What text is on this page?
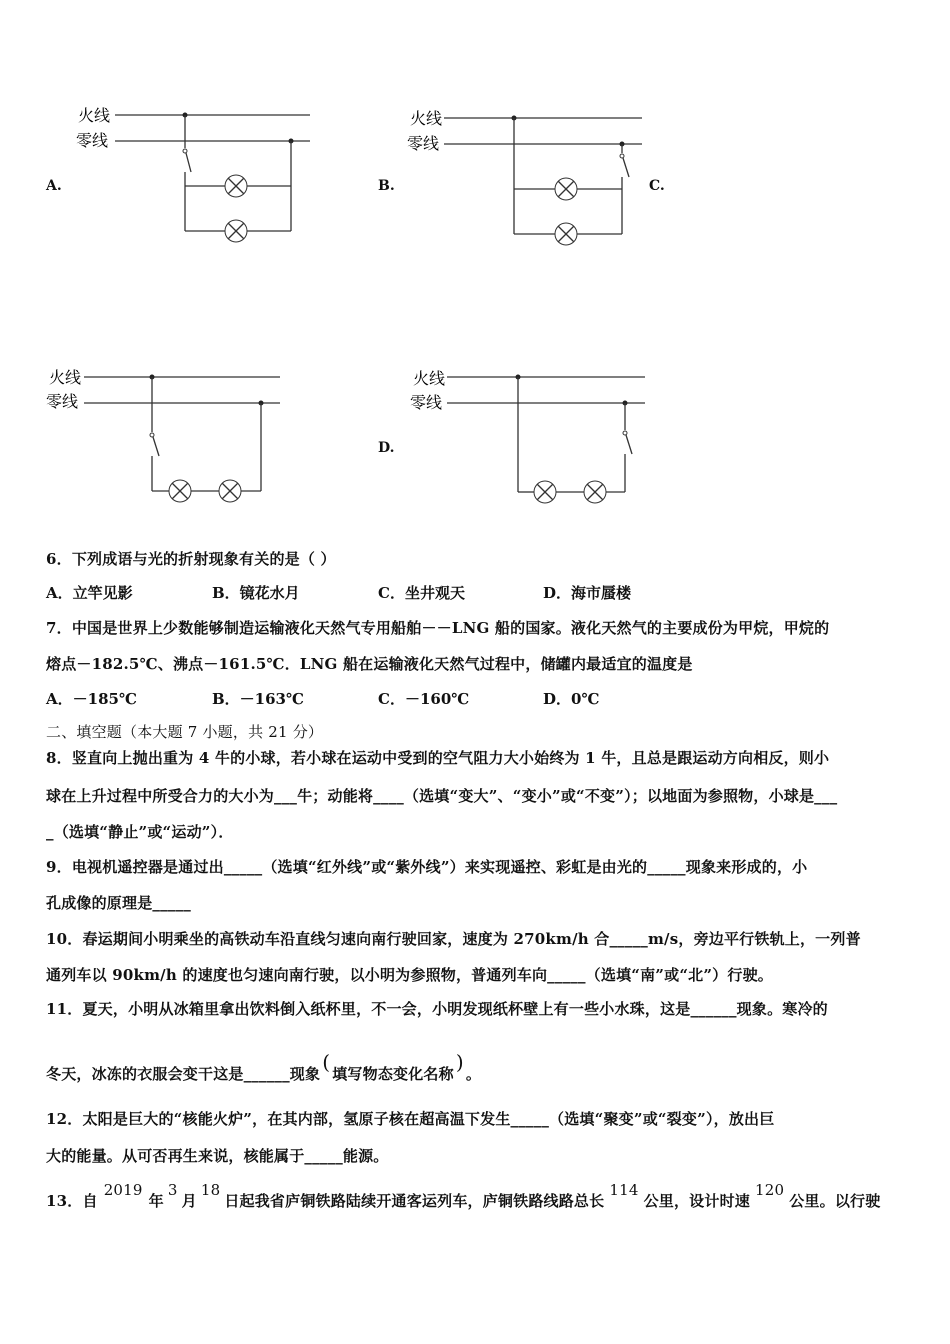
火线
零线
A.
火线
零线
B.	C.
火线
零线
火线
零线
D.
6．下列成语与光的折射现象有关的是（ ）
A．立竿见影	B．镜花水月	C．坐井观天	D．海市蜃楼
7．中国是世界上少数能够制造运输液化天然气专用船舶－－LNG 船的国家。液化天然气的主要成份为甲烷，甲烷的
熔点－182.5℃、沸点－161.5℃．LNG 船在运输液化天然气过程中，储罐内最适宜的温度是
A．－185℃	B．－163℃	C．－160℃	D．0℃
二、填空题（本大题 7 小题，共 21 分）
8．竖直向上抛出重为 4 牛的小球，若小球在运动中受到的空气阻力大小始终为 1 牛，且总是跟运动方向相反，则小
球在上升过程中所受合力的大小为___牛；动能将____（选填“变大”、“变小”或“不变”）；以地面为参照物，小球是___
_（选填“静止”或“运动”）．
9．电视机遥控器是通过出_____（选填“红外线”或“紫外线”）来实现遥控、彩虹是由光的_____现象来形成的，小
孔成像的原理是_____
10．春运期间小明乘坐的高铁动车沿直线匀速向南行驶回家，速度为 270km/h 合_____m/s，旁边平行铁轨上，一列普
通列车以 90km/h 的速度也匀速向南行驶，以小明为参照物，普通列车向_____（选填“南”或“北”）行驶。
11．夏天，小明从冰箱里拿出饮料倒入纸杯里，不一会，小明发现纸杯壁上有一些小水珠，这是______现象。寒冷的
冬天，冰冻的衣服会变干这是______现象 ( 填写物态变化名称 ) 。
12．太阳是巨大的“核能火炉”，在其内部，氢原子核在超高温下发生_____（选填“聚变”或“裂变”），放出巨
大的能量。从可否再生来说，核能属于_____能源。
13．自2019年3月18日起我省庐铜铁路陆续开通客运列车，庐铜铁路线路总长114公里，设计时速120公里。以行驶
